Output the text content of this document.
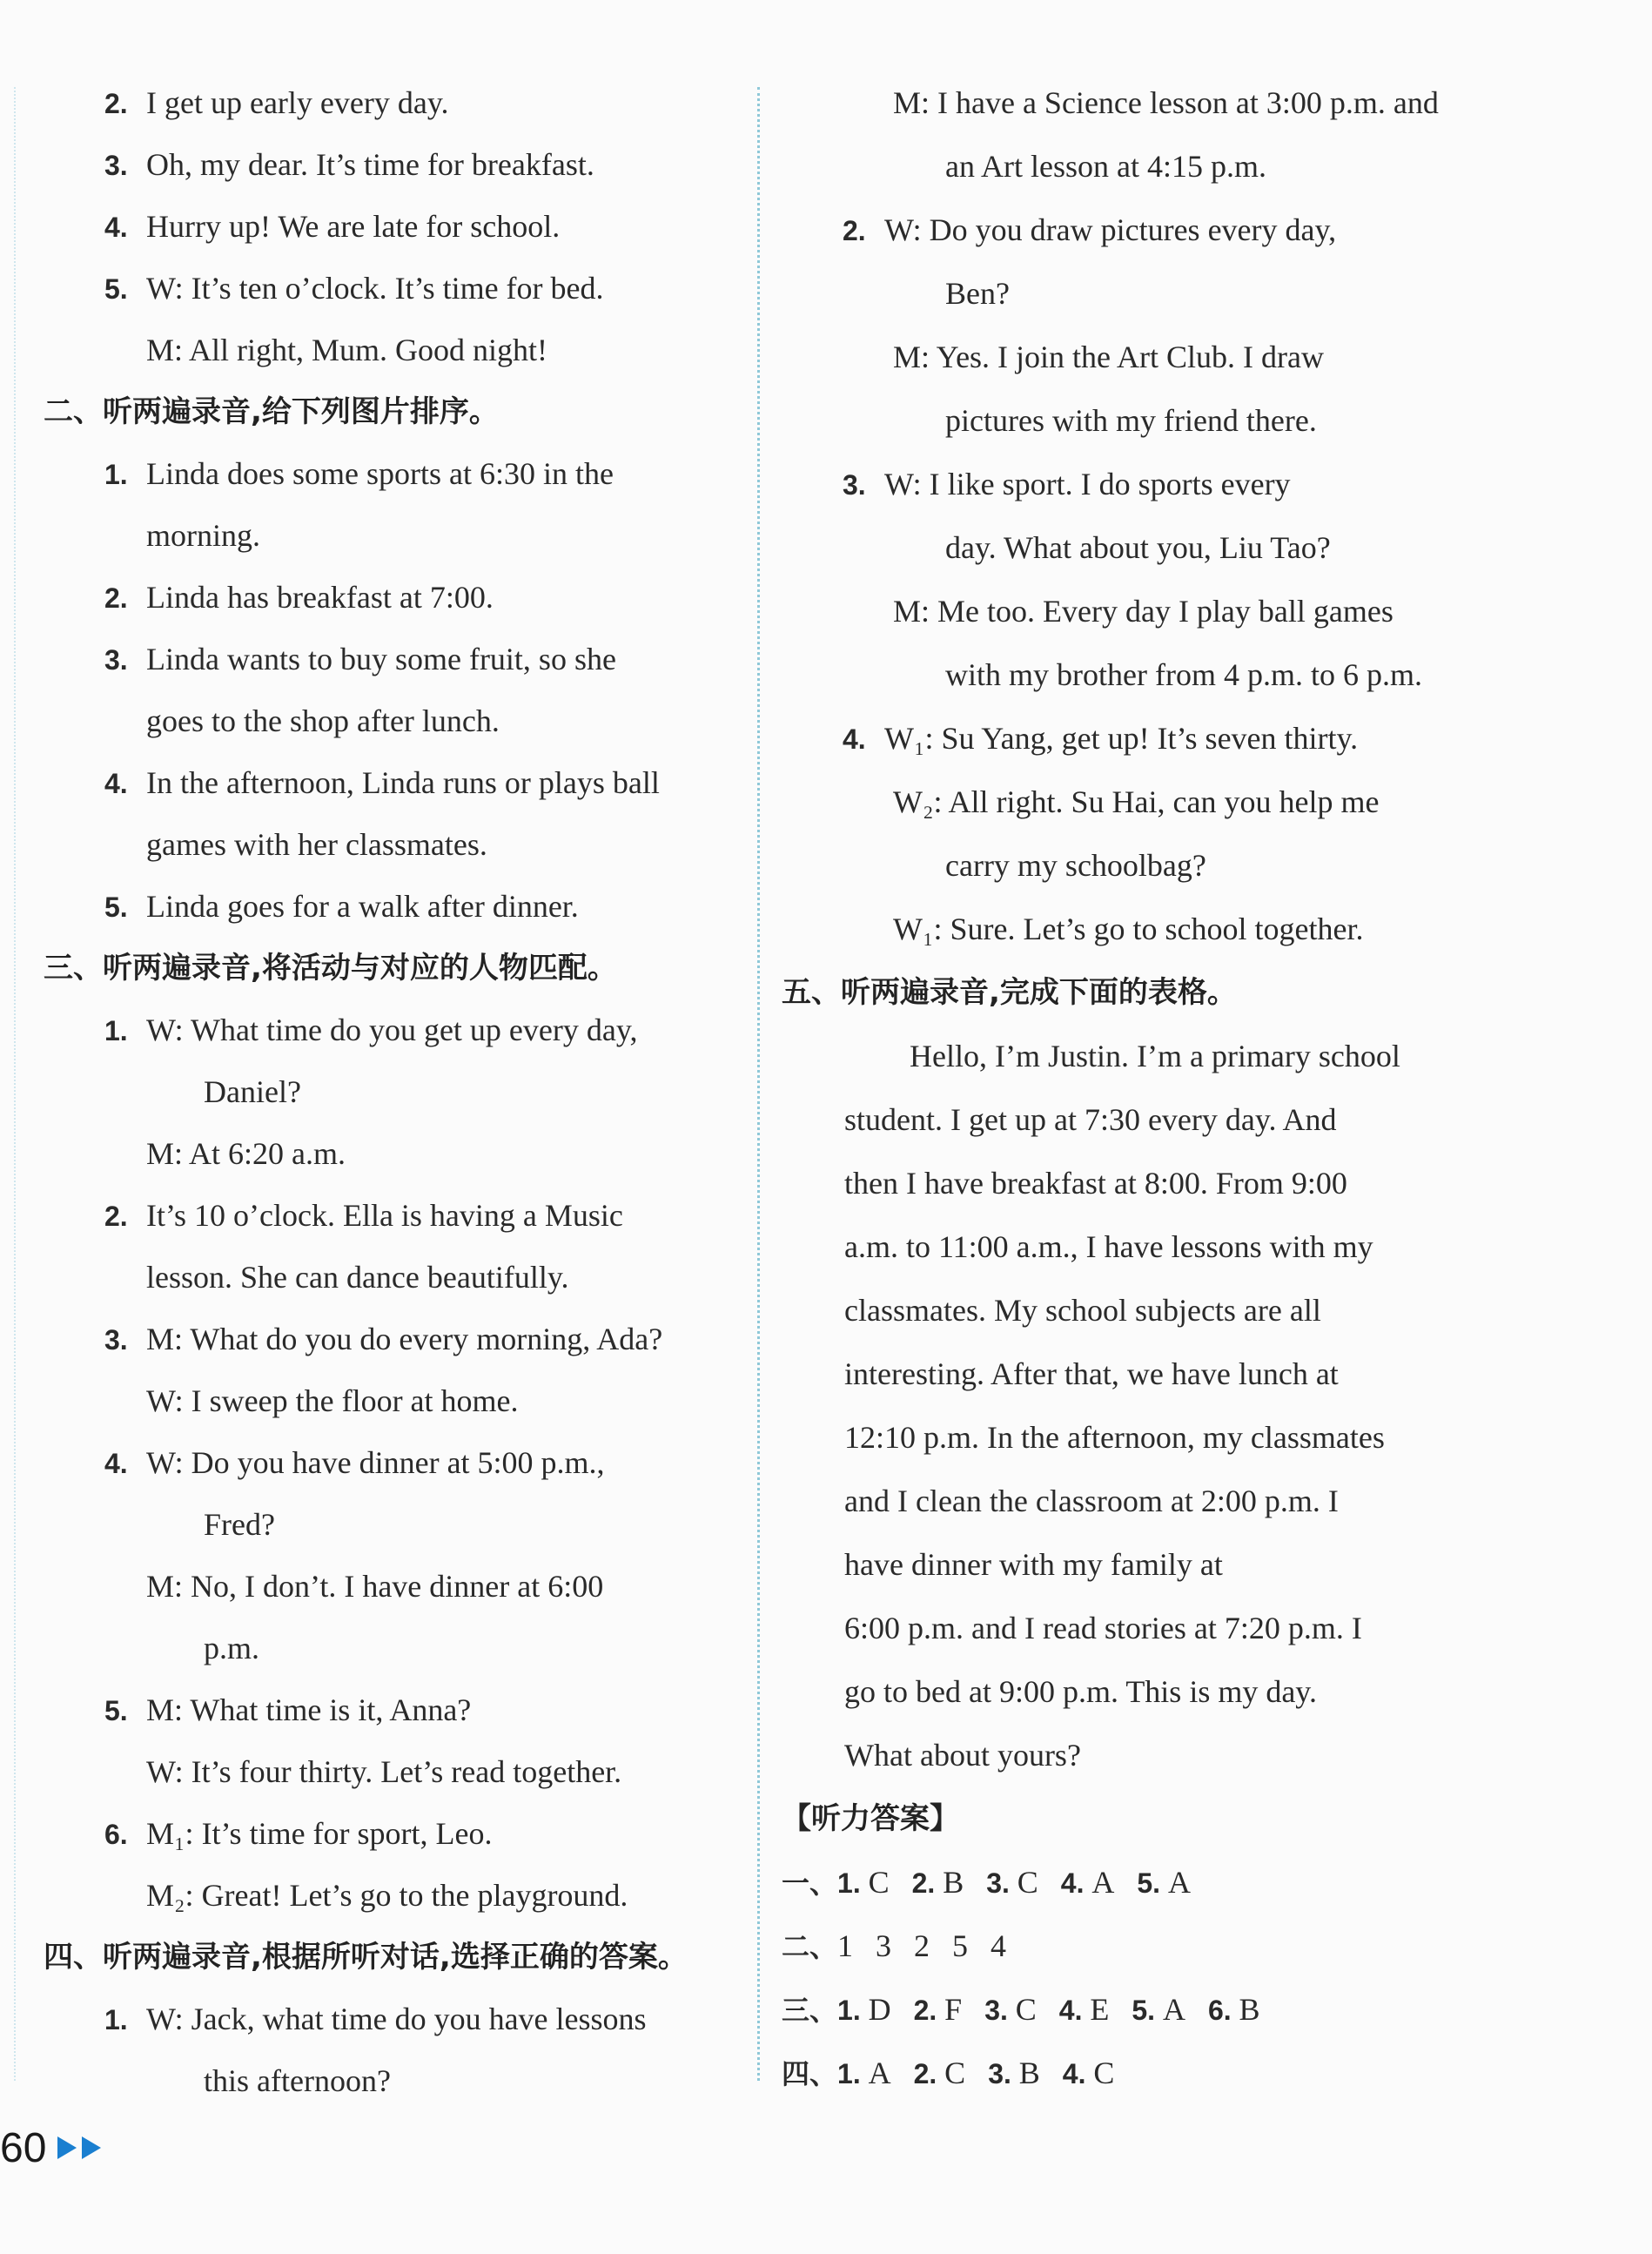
2. I get up early every day.
3. Oh, my dear. It’s time for breakfast.
4. Hurry up! We are late for school.
5. W: It’s ten o’clock. It’s time for bed.
M: All right, Mum. Good night!
二、听两遍录音,给下列图片排序。
1. Linda does some sports at 6:30 in the
morning.
2. Linda has breakfast at 7:00.
3. Linda wants to buy some fruit, so she
goes to the shop after lunch.
4. In the afternoon, Linda runs or plays ball
games with her classmates.
5. Linda goes for a walk after dinner.
三、听两遍录音,将活动与对应的人物匹配。
1. W: What time do you get up every day,
Daniel?
M: At 6:20 a.m.
2. It’s 10 o’clock. Ella is having a Music
lesson. She can dance beautifully.
3. M: What do you do every morning, Ada?
W: I sweep the floor at home.
4. W: Do you have dinner at 5:00 p.m.,
Fred?
M: No, I don’t. I have dinner at 6:00
p.m.
5. M: What time is it, Anna?
W: It’s four thirty. Let’s read together.
6. M₁: It’s time for sport, Leo.
M₂: Great! Let’s go to the playground.
四、听两遍录音,根据所听对话,选择正确的答案。
1. W: Jack, what time do you have lessons
this afternoon?
M: I have a Science lesson at 3:00 p.m. and
an Art lesson at 4:15 p.m.
2. W: Do you draw pictures every day,
Ben?
M: Yes. I join the Art Club. I draw
pictures with my friend there.
3. W: I like sport. I do sports every
day. What about you, Liu Tao?
M: Me too. Every day I play ball games
with my brother from 4 p.m. to 6 p.m.
4. W₁: Su Yang, get up! It’s seven thirty.
W₂: All right. Su Hai, can you help me
carry my schoolbag?
W₁: Sure. Let’s go to school together.
五、听两遍录音,完成下面的表格。
Hello, I’m Justin. I’m a primary school
student. I get up at 7:30 every day. And
then I have breakfast at 8:00. From 9:00
a.m. to 11:00 a.m., I have lessons with my
classmates. My school subjects are all
interesting. After that, we have lunch at
12:10 p.m. In the afternoon, my classmates
and I clean the classroom at 2:00 p.m. I
have dinner with my family at
6:00 p.m. and I read stories at 7:20 p.m. I
go to bed at 9:00 p.m. This is my day.
What about yours?
【听力答案】
一、1. C 2. B 3. C 4. A 5. A
二、1 3 2 5 4
三、1. D 2. F 3. C 4. E 5. A 6. B
四、1. A 2. C 3. B 4. C
60
